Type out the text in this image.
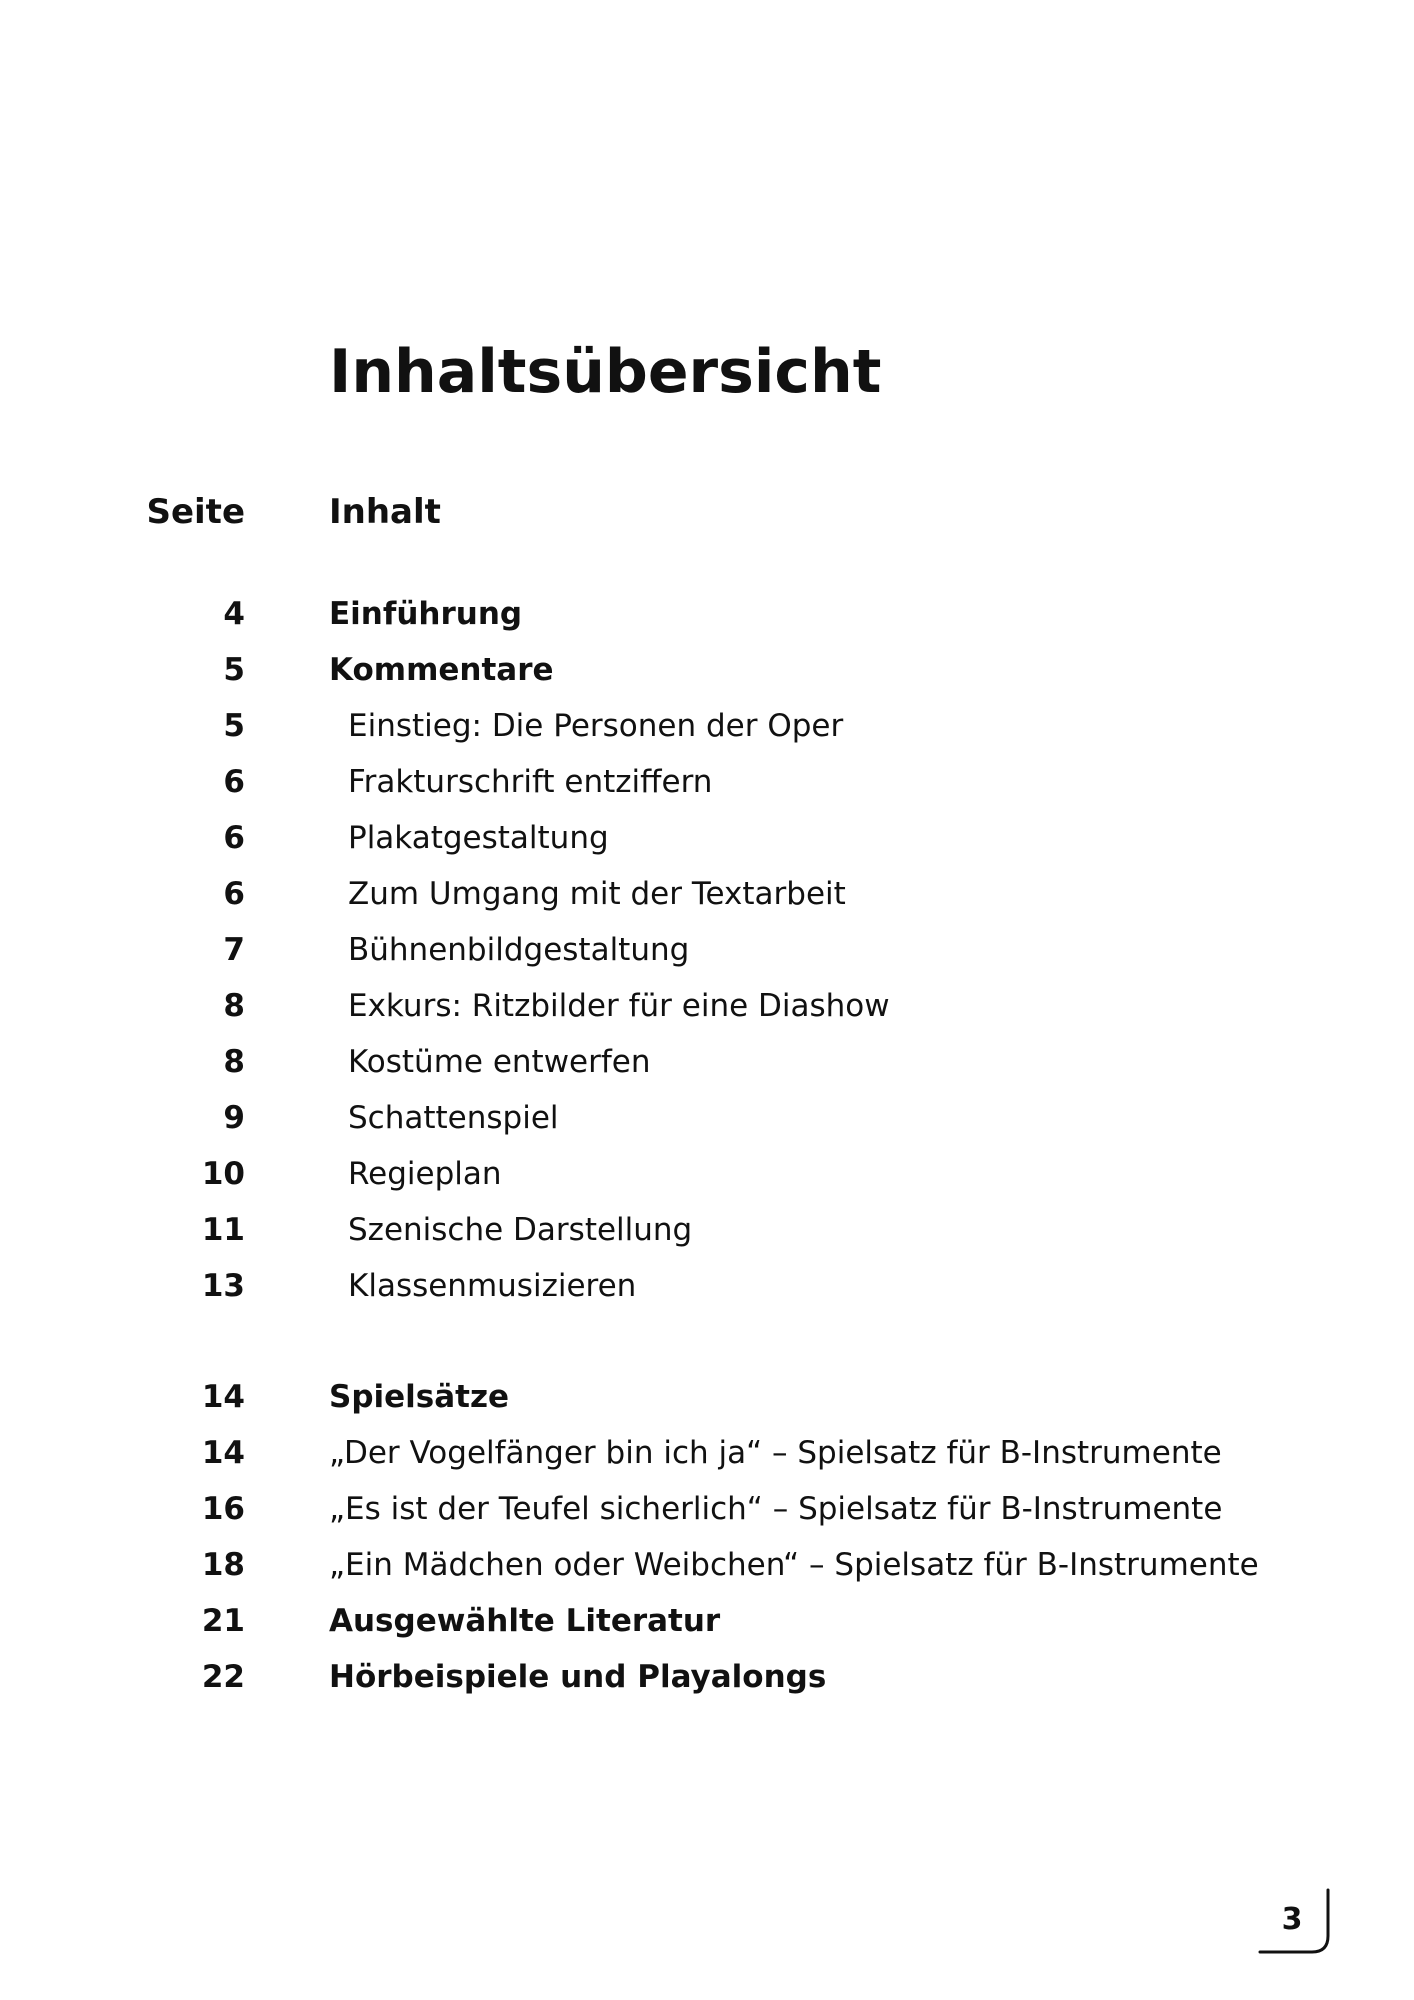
Inhaltsübersicht
Seite Inhalt
4	Einführung
5	Kommentare
5	Einstieg: Die Personen der Oper
6	Frakturschrift entziffern
6	Plakatgestaltung
6	Zum Umgang mit der Textarbeit
7	Bühnenbildgestaltung
8	Exkurs: Ritzbilder für eine Diashow
8	Kostüme entwerfen
9	Schattenspiel
10	Regieplan
11	Szenische Darstellung
13	Klassenmusizieren
14	Spielsätze
14	„Der Vogelfänger bin ich ja“ – Spielsatz für B-Instrumente
16	„Es ist der Teufel sicherlich“ – Spielsatz für B-Instrumente
18	„Ein Mädchen oder Weibchen“ – Spielsatz für B-Instrumente
21	Ausgewählte Literatur
22	Hörbeispiele und Playalongs
3
